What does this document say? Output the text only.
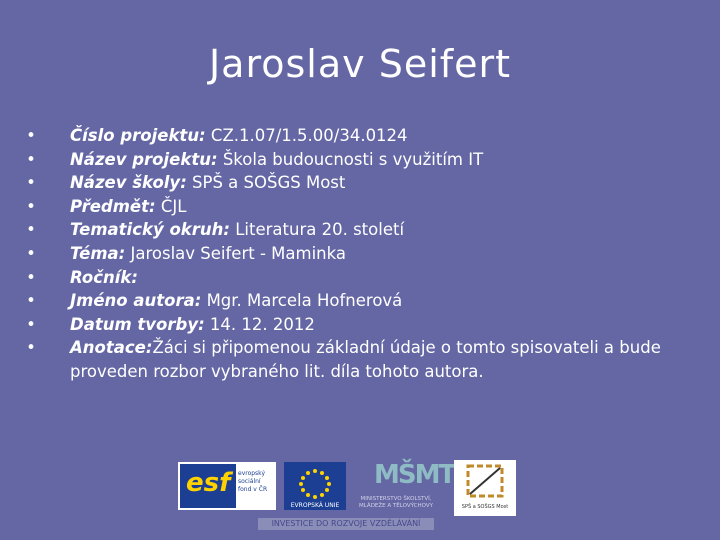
Jaroslav Seifert
• Číslo projektu: CZ.1.07/1.5.00/34.0124
• Název projektu: Škola budoucnosti s využitím IT
• Název školy: SPŠ a SOŠGS Most
• Předmět: ČJL
• Tematický okruh: Literatura 20. století
• Téma: Jaroslav Seifert - Maminka
• Ročník:
• Jméno autora: Mgr. Marcela Hofnerová
• Datum tvorby: 14. 12. 2012
• Anotace:Žáci si připomenou základní údaje o tomto spisovateli a bude proveden rozbor vybraného lit. díla tohoto autora.
esf evropský sociální fond v ČR
EVROPSKÁ UNIE
MŠMT
MINISTERSTVO ŠKOLSTVÍ, MLÁDEŽE A TĚLOVÝCHOVY	SPŠ a SOŠGS Most
INVESTICE DO ROZVOJE VZDĚLÁVÁNÍ
